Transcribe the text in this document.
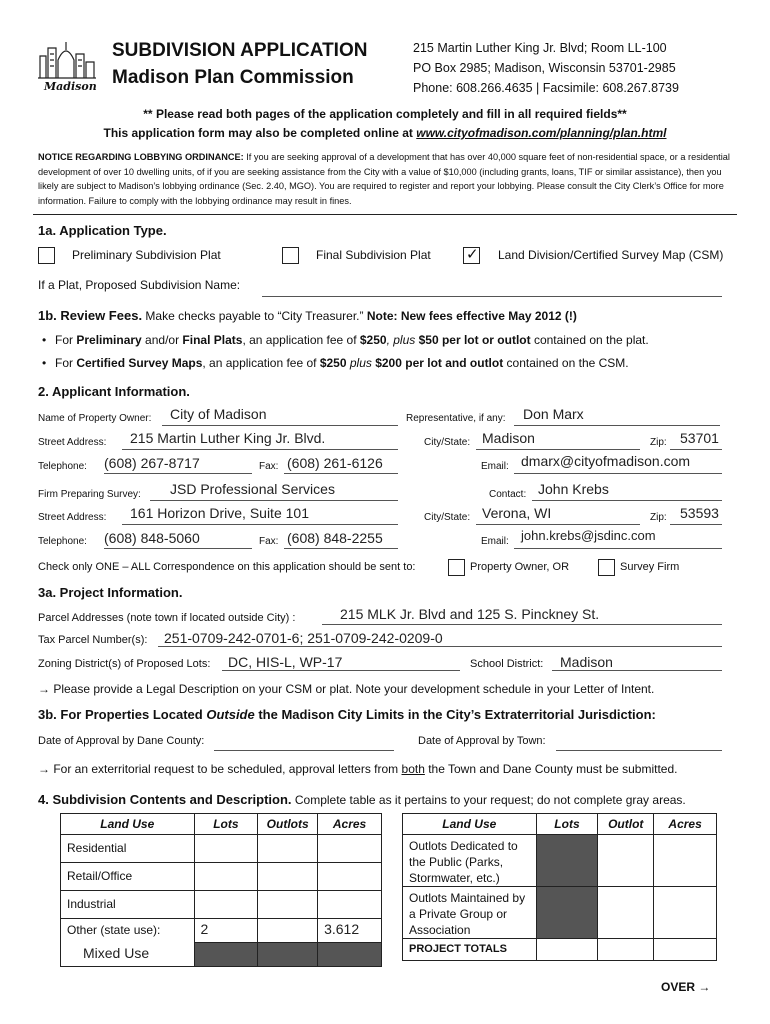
Madison
SUBDIVISION APPLICATION
Madison Plan Commission
215 Martin Luther King Jr. Blvd; Room LL-100
PO Box 2985; Madison, Wisconsin 53701-2985
Phone: 608.266.4635 | Facsimile: 608.267.8739
** Please read both pages of the application completely and fill in all required fields**
This application form may also be completed online at www.cityofmadison.com/planning/plan.html
NOTICE REGARDING LOBBYING ORDINANCE: If you are seeking approval of a development that has over 40,000 square feet of non-residential space, or a residential development of over 10 dwelling units, of if you are seeking assistance from the City with a value of $10,000 (including grants, loans, TIF or similar assistance), then you likely are subject to Madison’s lobbying ordinance (Sec. 2.40, MGO). You are required to register and report your lobbying. Please consult the City Clerk’s Office for more information. Failure to comply with the lobbying ordinance may result in fines.
1a. Application Type.
Preliminary Subdivision Plat	Final Subdivision Plat ✓ Land Division/Certified Survey Map (CSM)
If a Plat, Proposed Subdivision Name:
1b. Review Fees. Make checks payable to “City Treasurer.” Note: New fees effective May 2012 (!)
• For Preliminary and/or Final Plats, an application fee of $250, plus $50 per lot or outlot contained on the plat.
• For Certified Survey Maps, an application fee of $250 plus $200 per lot and outlot contained on the CSM.
2. Applicant Information.
Name of Property Owner: City of Madison	Representative, if any: Don Marx
Street Address: 215 Martin Luther King Jr. Blvd.	City/State: Madison	Zip: 53701
Telephone: (608) 267-8717	Fax: (608) 261-6126	Email: dmarx@cityofmadison.com
Firm Preparing Survey: JSD Professional Services	Contact: John Krebs
Street Address: 161 Horizon Drive, Suite 101	City/State: Verona, WI	Zip: 53593
Telephone: (608) 848-5060	Fax: (608) 848-2255	Email: john.krebs@jsdinc.com
Check only ONE – ALL Correspondence on this application should be sent to:	Property Owner, OR	Survey Firm
3a. Project Information.
Parcel Addresses (note town if located outside City) :	215 MLK Jr. Blvd and 125 S. Pinckney St.
Tax Parcel Number(s): 251-0709-242-0701-6; 251-0709-242-0209-0
Zoning District(s) of Proposed Lots: DC, HIS-L, WP-17	School District: Madison
→ Please provide a Legal Description on your CSM or plat. Note your development schedule in your Letter of Intent.
3b. For Properties Located Outside the Madison City Limits in the City’s Extraterritorial Jurisdiction:
Date of Approval by Dane County:	Date of Approval by Town:
→ For an exterritorial request to be scheduled, approval letters from both the Town and Dane County must be submitted.
4. Subdivision Contents and Description. Complete table as it pertains to your request; do not complete gray areas.
Land Use	Lots	Outlots	Acres
Residential			
Retail/Office			
Industrial			
Other (state use):	2		3.612
Mixed Use			
Land Use	Lots	Outlot	Acres
Outlots Dedicated to the Public (Parks, Stormwater, etc.)			
Outlots Maintained by a Private Group or Association			
PROJECT TOTALS			
OVER →
